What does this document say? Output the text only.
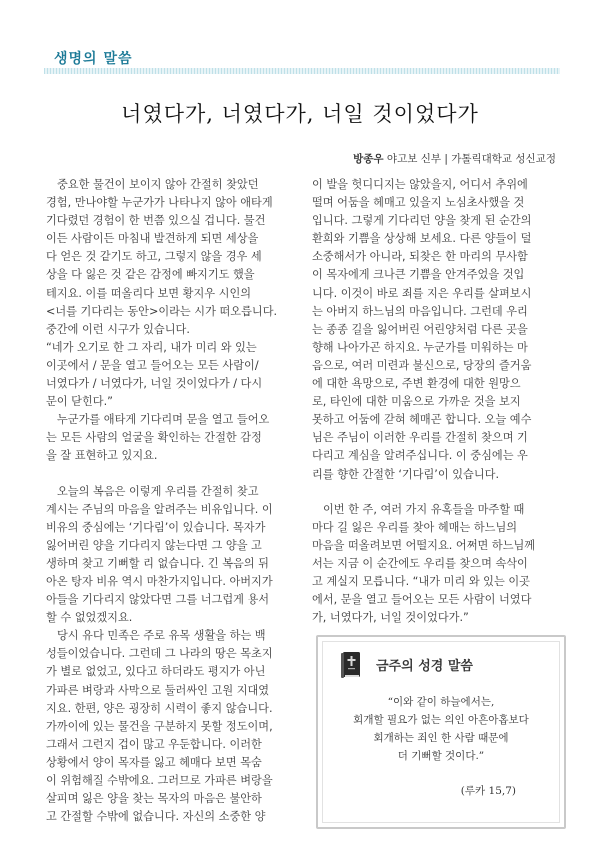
생명의 말씀
너였다가, 너였다가, 너일 것이었다가
방종우 야고보 신부 | 가톨릭대학교 성신교정

중요한 물건이 보이지 않아 간절히 찾았던

경험, 만나야할 누군가가 나타나지 않아 애타게

기다렸던 경험이 한 번쯤 있으실 겁니다. 물건

이든 사람이든 마침내 발견하게 되면 세상을

다 얻은 것 같기도 하고, 그렇지 않을 경우 세

상을 다 잃은 것 같은 감정에 빠지기도 했을

테지요. 이를 떠올리다 보면 황지우 시인의

<너를 기다리는 동안>이라는 시가 떠오릅니다.

중간에 이런 시구가 있습니다.

“네가 오기로 한 그 자리, 내가 미리 와 있는

이곳에서 / 문을 열고 들어오는 모든 사람이/

너였다가 / 너였다가, 너일 것이었다가 / 다시

문이 닫힌다.”

누군가를 애타게 기다리며 문을 열고 들어오

는 모든 사람의 얼굴을 확인하는 간절한 감정

을 잘 표현하고 있지요.

오늘의 복음은 이렇게 우리를 간절히 찾고

계시는 주님의 마음을 알려주는 비유입니다. 이

비유의 중심에는 ‘기다림’이 있습니다. 목자가

잃어버린 양을 기다리지 않는다면 그 양을 고

생하며 찾고 기뻐할 리 없습니다. 긴 복음의 뒤

아온 탕자 비유 역시 마찬가지입니다. 아버지가

아들을 기다리지 않았다면 그를 너그럽게 용서

할 수 없었겠지요.

당시 유다 민족은 주로 유목 생활을 하는 백

성들이었습니다. 그런데 그 나라의 땅은 목초지

가 별로 없었고, 있다고 하더라도 평지가 아닌

가파른 벼랑과 사막으로 둘러싸인 고원 지대였

지요. 한편, 양은 굉장히 시력이 좋지 않습니다.

가까이에 있는 물건을 구분하지 못할 정도이며,

그래서 그런지 겁이 많고 우둔합니다. 이러한

상황에서 양이 목자를 잃고 헤매다 보면 목숨

이 위험해질 수밖에요. 그러므로 가파른 벼랑을

살피며 잃은 양을 찾는 목자의 마음은 불안하

고 간절할 수밖에 없습니다. 자신의 소중한 양

이 발을 헛디디지는 않았을지, 어디서 추위에

떨며 어둠을 헤매고 있을지 노심초사했을 것

입니다. 그렇게 기다리던 양을 찾게 된 순간의

환희와 기쁨을 상상해 보세요. 다른 양들이 덜

소중해서가 아니라, 되찾은 한 마리의 무사함

이 목자에게 크나큰 기쁨을 안겨주었을 것입

니다. 이것이 바로 죄를 지은 우리를 살펴보시

는 아버지 하느님의 마음입니다. 그런데 우리

는 종종 길을 잃어버린 어린양처럼 다른 곳을

향해 나아가곤 하지요. 누군가를 미워하는 마

음으로, 여러 미련과 불신으로, 당장의 즐거움

에 대한 욕망으로, 주변 환경에 대한 원망으

로, 타인에 대한 미움으로 가까운 것을 보지

못하고 어둠에 갇혀 헤매곤 합니다. 오늘 예수

님은 주님이 이러한 우리를 간절히 찾으며 기

다리고 계심을 알려주십니다. 이 중심에는 우

리를 향한 간절한 ‘기다림’이 있습니다.

이번 한 주, 여러 가지 유혹들을 마주할 때

마다 길 잃은 우리를 찾아 헤매는 하느님의

마음을 떠올려보면 어떨지요. 어쩌면 하느님께

서는 지금 이 순간에도 우리를 찾으며 속삭이

고 계실지 모릅니다. “내가 미리 와 있는 이곳

에서, 문을 열고 들어오는 모든 사람이 너였다

가, 너였다가, 너일 것이었다가.”

금주의 성경 말씀
“이와 같이 하늘에서는,
회개할 필요가 없는 의인 아흔아홉보다
회개하는 죄인 한 사람 때문에
더 기뻐할 것이다.”
(루카 15,7)
